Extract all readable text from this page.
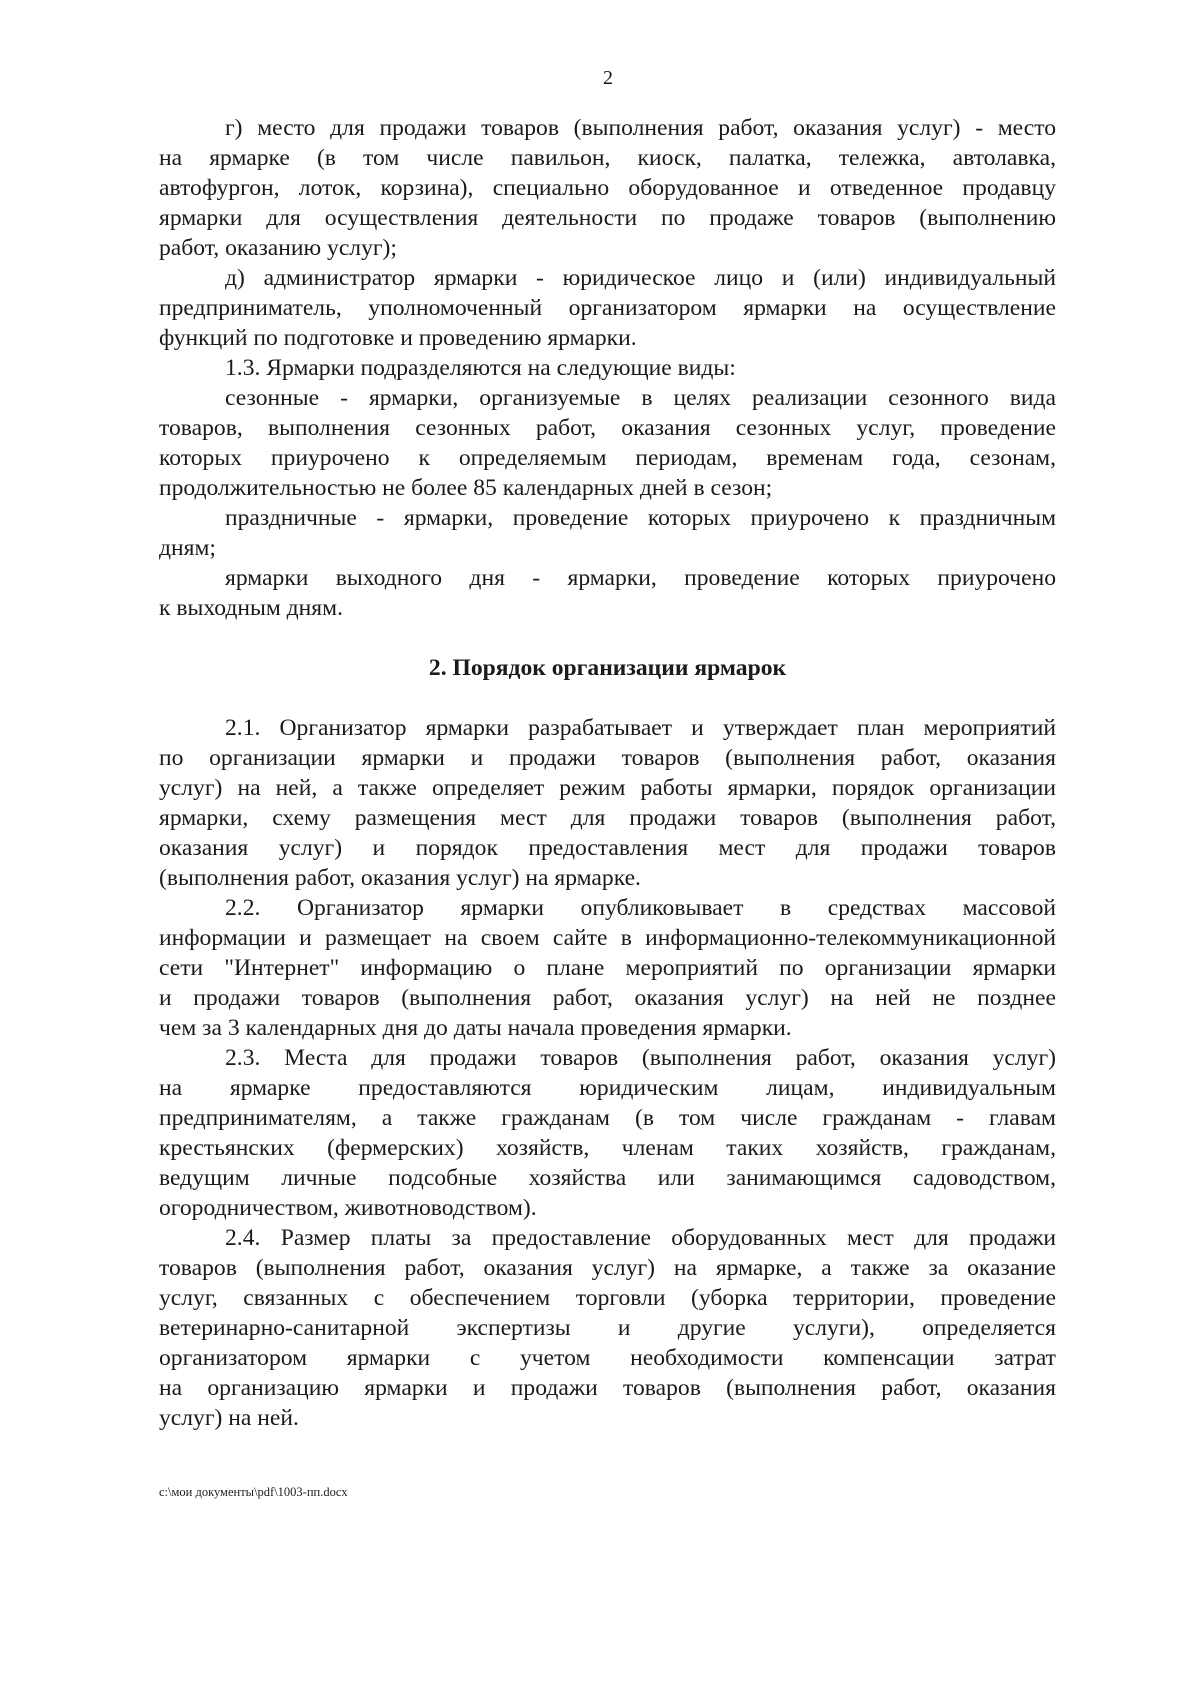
2
г) место для продажи товаров (выполнения работ, оказания услуг) - место
на ярмарке (в том числе павильон, киоск, палатка, тележка, автолавка,
автофургон, лоток, корзина), специально оборудованное и отведенное продавцу
ярмарки для осуществления деятельности по продаже товаров (выполнению
работ, оказанию услуг);
д) администратор ярмарки - юридическое лицо и (или) индивидуальный
предприниматель, уполномоченный организатором ярмарки на осуществление
функций по подготовке и проведению ярмарки.
1.3. Ярмарки подразделяются на следующие виды:
сезонные - ярмарки, организуемые в целях реализации сезонного вида
товаров, выполнения сезонных работ, оказания сезонных услуг, проведение
которых приурочено к определяемым периодам, временам года, сезонам,
продолжительностью не более 85 календарных дней в сезон;
праздничные - ярмарки, проведение которых приурочено к праздничным
дням;
ярмарки выходного дня - ярмарки, проведение которых приурочено
к выходным дням.
2. Порядок организации ярмарок
2.1. Организатор ярмарки разрабатывает и утверждает план мероприятий
по организации ярмарки и продажи товаров (выполнения работ, оказания
услуг) на ней, а также определяет режим работы ярмарки, порядок организации
ярмарки, схему размещения мест для продажи товаров (выполнения работ,
оказания услуг) и порядок предоставления мест для продажи товаров
(выполнения работ, оказания услуг) на ярмарке.
2.2. Организатор ярмарки опубликовывает в средствах массовой
информации и размещает на своем сайте в информационно-телекоммуникационной
сети "Интернет" информацию о плане мероприятий по организации ярмарки
и продажи товаров (выполнения работ, оказания услуг) на ней не позднее
чем за 3 календарных дня до даты начала проведения ярмарки.
2.3. Места для продажи товаров (выполнения работ, оказания услуг)
на ярмарке предоставляются юридическим лицам, индивидуальным
предпринимателям, а также гражданам (в том числе гражданам - главам
крестьянских (фермерских) хозяйств, членам таких хозяйств, гражданам,
ведущим личные подсобные хозяйства или занимающимся садоводством,
огородничеством, животноводством).
2.4. Размер платы за предоставление оборудованных мест для продажи
товаров (выполнения работ, оказания услуг) на ярмарке, а также за оказание
услуг, связанных с обеспечением торговли (уборка территории, проведение
ветеринарно-санитарной экспертизы и другие услуги), определяется
организатором ярмарки с учетом необходимости компенсации затрат
на организацию ярмарки и продажи товаров (выполнения работ, оказания
услуг) на ней.
c:\мои документы\pdf\1003-пп.docx
